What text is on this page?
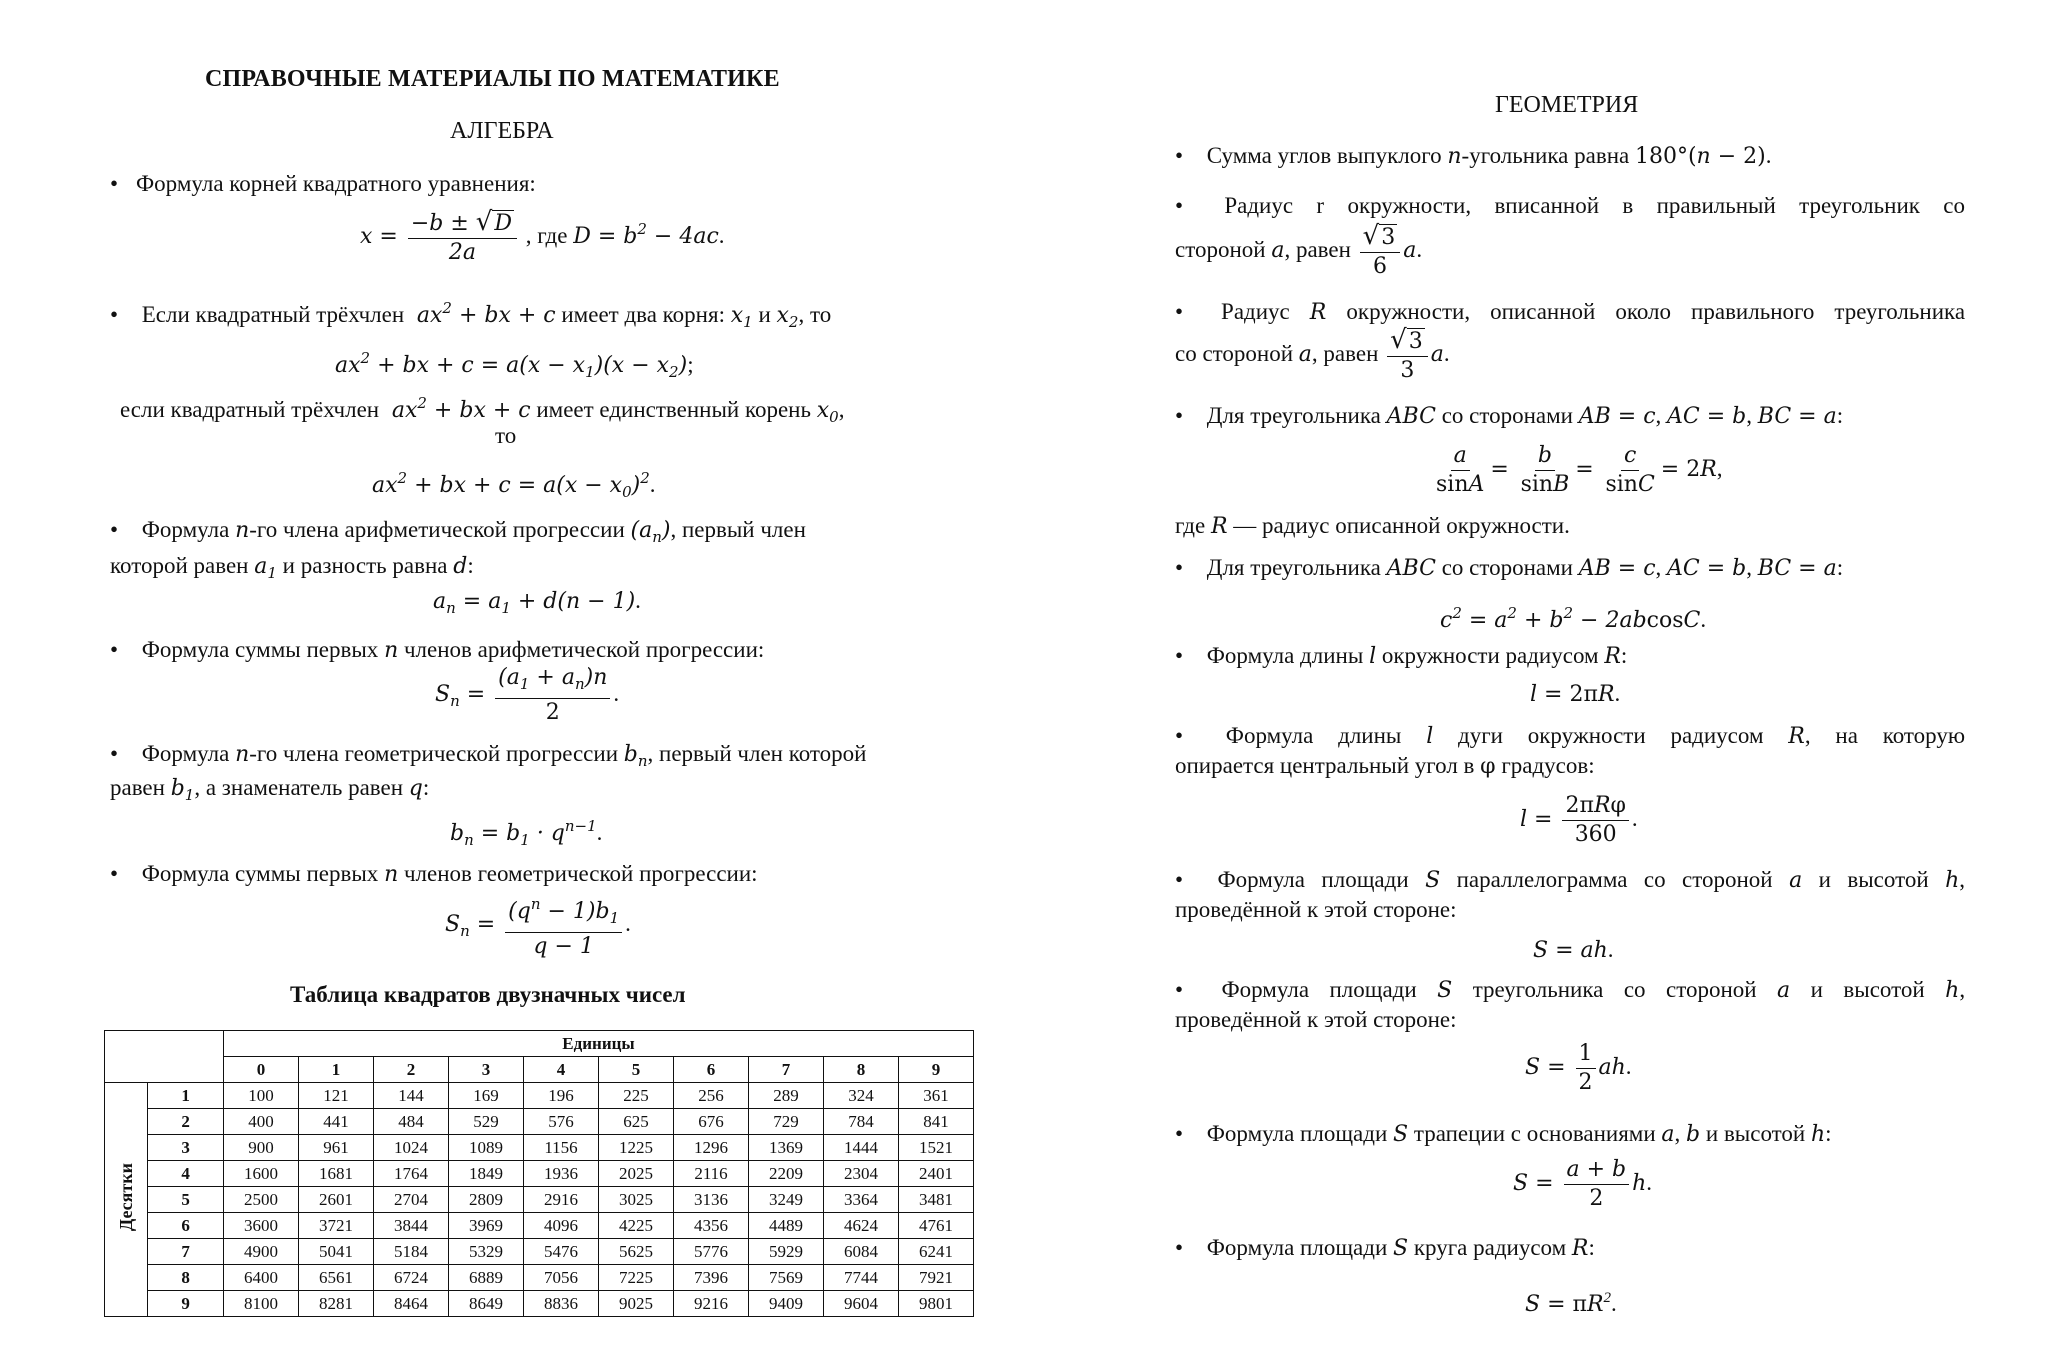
СПРАВОЧНЫЕ МАТЕРИАЛЫ ПО МАТЕМАТИКЕ
АЛГЕБРА
• Формула корней квадратного уравнения:
$x = \frac{-b \pm √D}{2a}$ , где $D = b^2 - 4ac$.
• Если квадратный трёхчлен  $ax^2$ + bx + c имеет два корня: $x_1$ и $x_2$, то
$ax^2$ + bx + $c = a(x - x_1)(x - x_2)$;
если квадратный трёхчлен  $ax^2$ + bx + c имеет единственный корень $x_0$,
то
$ax^2$ + bx + $c = a(x - x_0)^2$.
• Формула n-го члена арифметической прогрессии $(a_n)$, первый член
которой равен $a_1$ и разность равна d:
$a_n = a_1 + d(n - 1)$.
• Формула суммы первых n членов арифметической прогрессии:
$S_n = \frac{(a_1 + a_n)n}{2}$ .
• Формула n-го члена геометрической прогрессии $b_n$, первый член которой
равен $b_1$, а знаменатель равен q:
$b_n = b_1 \cdot q^{n-1}$.
• Формула суммы первых n членов геометрической прогрессии:
$S_n = \frac{(q^n - 1)b_1}{q - 1}$ .
Таблица квадратов двузначных чисел
		Единицы									
		0	1	2	3	4	5	6	7	8	9
Десятки	1	100	121	144	169	196	225	256	289	324	361
	2	400	441	484	529	576	625	676	729	784	841
	3	900	961	1024	1089	1156	1225	1296	1369	1444	1521
	4	1600	1681	1764	1849	1936	2025	2116	2209	2304	2401
	5	2500	2601	2704	2809	2916	3025	3136	3249	3364	3481
	6	3600	3721	3844	3969	4096	4225	4356	4489	4624	4761
	7	4900	5041	5184	5329	5476	5625	5776	5929	6084	6241
	8	6400	6561	6724	6889	7056	7225	7396	7569	7744	7921
	9	8100	8281	8464	8649	8836	9025	9216	9409	9604	9801
ГЕОМЕТРИЯ
• Сумма углов выпуклого n-угольника равна 180°(n − 2).
• Радиус r окружности, вписанной в правильный треугольник со
стороной a, равен $\frac{√3}{6} a$.
• Радиус R окружности, описанной около правильного треугольника
со стороной a, равен $\frac{√3}{3} a$.
• Для треугольника ABC со сторонами AB = c, AC = b, BC = a:
$\frac{a}{\sin A} = \frac{b}{\sin B} = \frac{c}{\sin C} = 2R$,
где R — радиус описанной окружности.
• Для треугольника ABC со сторонами AB = c, AC = b, BC = a:
$c^2 = a^2 + b^2 - 2abcosC$.
• Формула длины l окружности радиусом R:
l = 2πR.
• Формула длины l дуги окружности радиусом R, на которую
опирается центральный угол в φ градусов:
$l = \frac{\text{2πRφ}}{360}$ .
• Формула площади S параллелограмма со стороной a и высотой h,
проведённой к этой стороне:
S = ah.
• Формула площади S треугольника со стороной a и высотой h,
проведённой к этой стороне:
$S = \frac{1}{2}$ ah.
• Формула площади S трапеции с основаниями a, b и высотой h:
$S = \frac{a + b}{2} h$.
• Формула площади S круга радиусом R:
$S = \pi R^2$.
